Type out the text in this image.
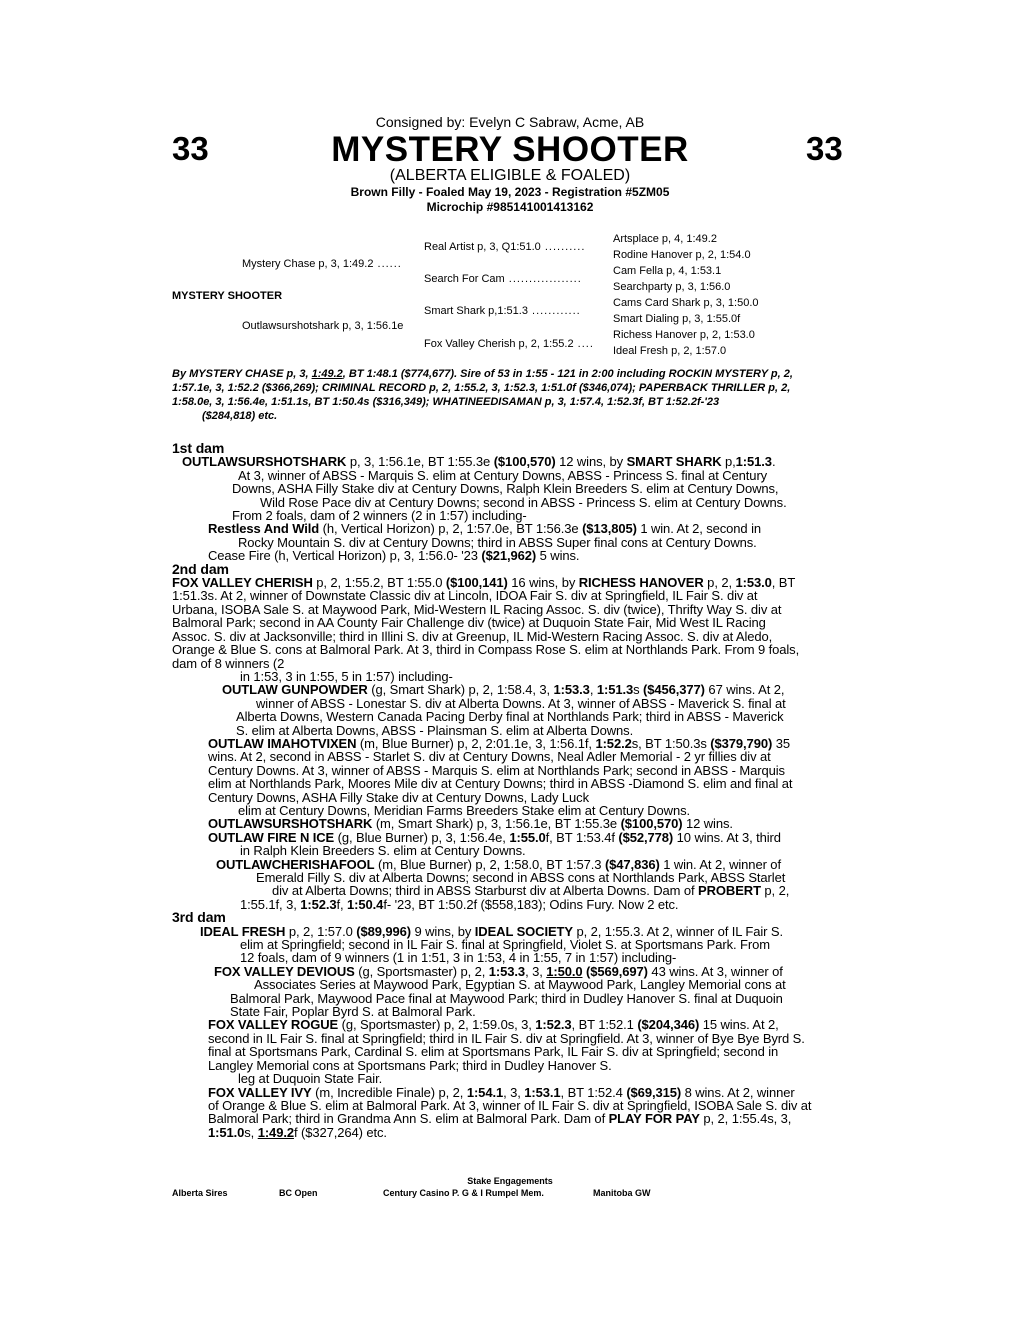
33	33
Consigned by: Evelyn C Sabraw, Acme, AB
MYSTERY SHOOTER
(ALBERTA ELIGIBLE & FOALED)
Brown Filly - Foaled May 19, 2023 - Registration #5ZM05
Microchip #985141001413162
MYSTERY SHOOTER
Mystery Chase p, 3, 1:49.2 ......
Outlawsurshotshark p, 3, 1:56.1e
Real Artist p, 3, Q1:51.0 ..........
Search For Cam ..................
Smart Shark p,1:51.3 ............
Fox Valley Cherish p, 2, 1:55.2 ....
Artsplace p, 4, 1:49.2
Rodine Hanover p, 2, 1:54.0
Cam Fella p, 4, 1:53.1
Searchparty p, 3, 1:56.0
Cams Card Shark p, 3, 1:50.0
Smart Dialing p, 3, 1:55.0f
Richess Hanover p, 2, 1:53.0
Ideal Fresh p, 2, 1:57.0
By MYSTERY CHASE p, 3, 1:49.2, BT 1:48.1 ($774,677). Sire of 53 in 1:55 - 121 in 2:00 including ROCKIN MYSTERY p, 2,
1:57.1e, 3, 1:52.2 ($366,269); CRIMINAL RECORD p, 2, 1:55.2, 3, 1:52.3, 1:51.0f ($346,074); PAPERBACK THRILLER p, 2,
1:58.0e, 3, 1:56.4e, 1:51.1s, BT 1:50.4s ($316,349); WHATINEEDISAMAN p, 3, 1:57.4, 1:52.3f, BT 1:52.2f-'23

($284,818) etc.

1st dam

OUTLAWSURSHOTSHARK p, 3, 1:56.1e, BT 1:55.3e ($100,570) 12 wins, by SMART SHARK p,1:51.3.

At 3, winner of ABSS - Marquis S. elim at Century Downs, ABSS - Princess S. final at Century

Downs, ASHA Filly Stake div at Century Downs, Ralph Klein Breeders S. elim at Century Downs,

Wild Rose Pace div at Century Downs; second in ABSS - Princess S. elim at Century Downs.

From 2 foals, dam of 2 winners (2 in 1:57) including-

Restless And Wild (h, Vertical Horizon) p, 2, 1:57.0e, BT 1:56.3e ($13,805) 1 win. At 2, second in

Rocky Mountain S. div at Century Downs; third in ABSS Super final cons at Century Downs.

Cease Fire (h, Vertical Horizon) p, 3, 1:56.0- '23 ($21,962) 5 wins.

2nd dam

FOX VALLEY CHERISH p, 2, 1:55.2, BT 1:55.0 ($100,141) 16 wins, by RICHESS HANOVER p, 2, 1:53.0, BT

1:51.3s. At 2, winner of Downstate Classic div at Lincoln, IDOA Fair S. div at Springfield, IL Fair S. div at

Urbana, ISOBA Sale S. at Maywood Park, Mid-Western IL Racing Assoc. S. div (twice), Thrifty Way S. div at

Balmoral Park; second in AA County Fair Challenge div (twice) at Duquoin State Fair, Mid West IL Racing

Assoc. S. div at Jacksonville; third in Illini S. div at Greenup, IL Mid-Western Racing Assoc. S. div at Aledo,

Orange & Blue S. cons at Balmoral Park. At 3, third in Compass Rose S. elim at Northlands Park. From 9 foals,

dam of 8 winners (2

in 1:53, 3 in 1:55, 5 in 1:57) including-

OUTLAW GUNPOWDER (g, Smart Shark) p, 2, 1:58.4, 3, 1:53.3, 1:51.3s ($456,377) 67 wins. At 2,

winner of ABSS - Lonestar S. div at Alberta Downs. At 3, winner of ABSS - Maverick S. final at

Alberta Downs, Western Canada Pacing Derby final at Northlands Park; third in ABSS - Maverick

S. elim at Alberta Downs, ABSS - Plainsman S. elim at Alberta Downs.

OUTLAW IMAHOTVIXEN (m, Blue Burner) p, 2, 2:01.1e, 3, 1:56.1f, 1:52.2s, BT 1:50.3s ($379,790) 35

wins. At 2, second in ABSS - Starlet S. div at Century Downs, Neal Adler Memorial - 2 yr fillies div at

Century Downs. At 3, winner of ABSS - Marquis S. elim at Northlands Park; second in ABSS - Marquis

elim at Northlands Park, Moores Mile div at Century Downs; third in ABSS -Diamond S. elim and final at

Century Downs, ASHA Filly Stake div at Century Downs, Lady Luck

elim at Century Downs, Meridian Farms Breeders Stake elim at Century Downs.

OUTLAWSURSHOTSHARK (m, Smart Shark) p, 3, 1:56.1e, BT 1:55.3e ($100,570) 12 wins.

OUTLAW FIRE N ICE (g, Blue Burner) p, 3, 1:56.4e, 1:55.0f, BT 1:53.4f ($52,778) 10 wins. At 3, third

in Ralph Klein Breeders S. elim at Century Downs.

OUTLAWCHERISHAFOOL (m, Blue Burner) p, 2, 1:58.0, BT 1:57.3 ($47,836) 1 win. At 2, winner of

Emerald Filly S. div at Alberta Downs; second in ABSS cons at Northlands Park, ABSS Starlet

div at Alberta Downs; third in ABSS Starburst div at Alberta Downs. Dam of PROBERT p, 2,

1:55.1f, 3, 1:52.3f, 1:50.4f- '23, BT 1:50.2f ($558,183); Odins Fury. Now 2 etc.

3rd dam

IDEAL FRESH p, 2, 1:57.0 ($89,996) 9 wins, by IDEAL SOCIETY p, 2, 1:55.3. At 2, winner of IL Fair S.

elim at Springfield; second in IL Fair S. final at Springfield, Violet S. at Sportsmans Park. From

12 foals, dam of 9 winners (1 in 1:51, 3 in 1:53, 4 in 1:55, 7 in 1:57) including-

FOX VALLEY DEVIOUS (g, Sportsmaster) p, 2, 1:53.3, 3, 1:50.0 ($569,697) 43 wins. At 3, winner of

Associates Series at Maywood Park, Egyptian S. at Maywood Park, Langley Memorial cons at

Balmoral Park, Maywood Pace final at Maywood Park; third in Dudley Hanover S. final at Duquoin

State Fair, Poplar Byrd S. at Balmoral Park.

FOX VALLEY ROGUE (g, Sportsmaster) p, 2, 1:59.0s, 3, 1:52.3, BT 1:52.1 ($204,346) 15 wins. At 2,

second in IL Fair S. final at Springfield; third in IL Fair S. div at Springfield. At 3, winner of Bye Bye Byrd S.

final at Sportsmans Park, Cardinal S. elim at Sportsmans Park, IL Fair S. div at Springfield; second in

Langley Memorial cons at Sportsmans Park; third in Dudley Hanover S.

leg at Duquoin State Fair.

FOX VALLEY IVY (m, Incredible Finale) p, 2, 1:54.1, 3, 1:53.1, BT 1:52.4 ($69,315) 8 wins. At 2, winner

of Orange & Blue S. elim at Balmoral Park. At 3, winner of IL Fair S. div at Springfield, ISOBA Sale S. div at

Balmoral Park; third in Grandma Ann S. elim at Balmoral Park. Dam of PLAY FOR PAY p, 2, 1:55.4s, 3,

1:51.0s, 1:49.2f ($327,264) etc.

Stake Engagements
Alberta Sires	BC Open	Century Casino P. G & I Rumpel Mem.	Manitoba GW
